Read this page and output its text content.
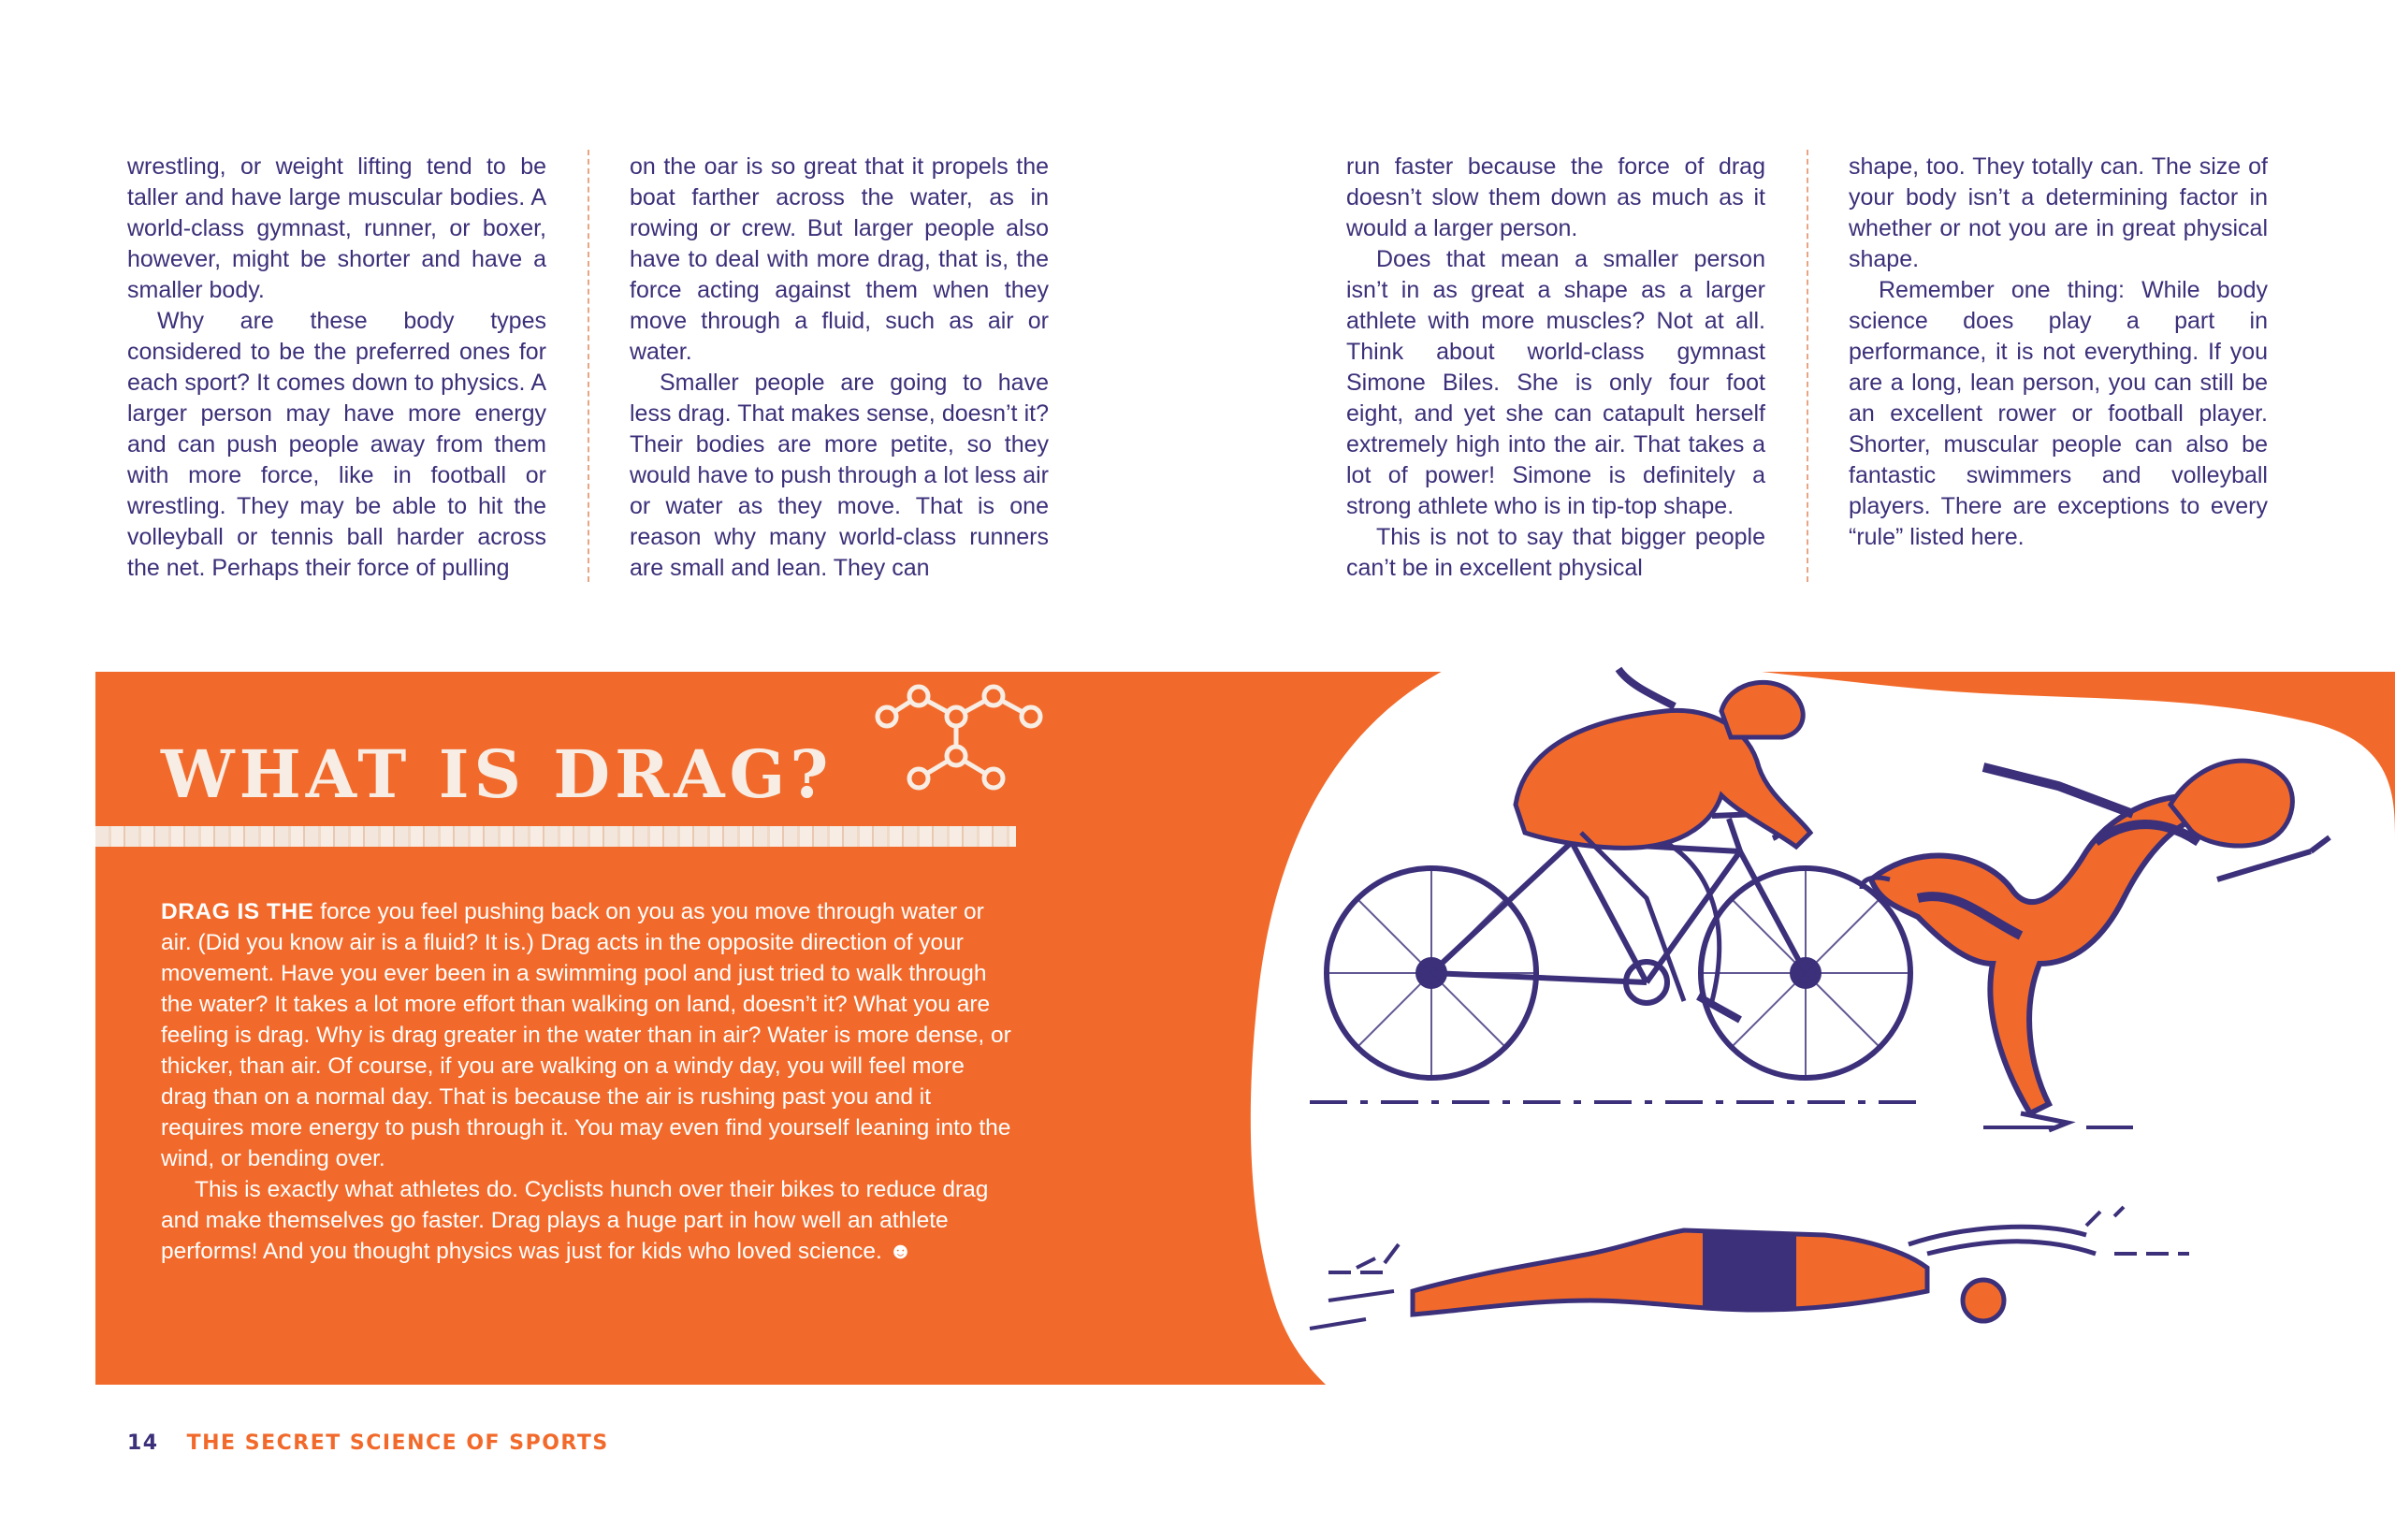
wrestling, or weight lifting tend to be taller and have large muscular bodies. A world-class gymnast, runner, or boxer, however, might be shorter and have a smaller body.

Why are these body types considered to be the preferred ones for each sport? It comes down to physics. A larger person may have more energy and can push people away from them with more force, like in football or wrestling. They may be able to hit the volleyball or tennis ball harder across the net. Perhaps their force of pulling

on the oar is so great that it propels the boat farther across the water, as in rowing or crew. But larger people also have to deal with more drag, that is, the force acting against them when they move through a fluid, such as air or water.

Smaller people are going to have less drag. That makes sense, doesn’t it? Their bodies are more petite, so they would have to push through a lot less air or water as they move. That is one reason why many world-class runners are small and lean. They can

run faster because the force of drag doesn’t slow them down as much as it would a larger person.

Does that mean a smaller person isn’t in as great a shape as a larger athlete with more muscles? Not at all. Think about world-class gymnast Simone Biles. She is only four foot eight, and yet she can catapult herself extremely high into the air. That takes a lot of power! Simone is definitely a strong athlete who is in tip-top shape.

This is not to say that bigger people can’t be in excellent physical

shape, too. They totally can. The size of your body isn’t a determining factor in whether or not you are in great physical shape.

Remember one thing: While body science does play a part in performance, it is not everything. If you are a long, lean person, you can still be an excellent rower or football player. Shorter, muscular people can also be fantastic swimmers and volleyball players. There are exceptions to every “rule” listed here.

WHAT IS DRAG?

DRAG IS THE force you feel pushing back on you as you move through water or air. (Did you know air is a fluid? It is.) Drag acts in the opposite direction of your movement. Have you ever been in a swimming pool and just tried to walk through the water? It takes a lot more effort than walking on land, doesn’t it? What you are feeling is drag. Why is drag greater in the water than in air? Water is more dense, or thicker, than air. Of course, if you are walking on a windy day, you will feel more drag than on a normal day. That is because the air is rushing past you and it requires more energy to push through it. You may even find yourself leaning into the wind, or bending over.

This is exactly what athletes do. Cyclists hunch over their bikes to reduce drag and make themselves go faster. Drag plays a huge part in how well an athlete performs! And you thought physics was just for kids who loved science. ☻

14 THE SECRET SCIENCE OF SPORTS
